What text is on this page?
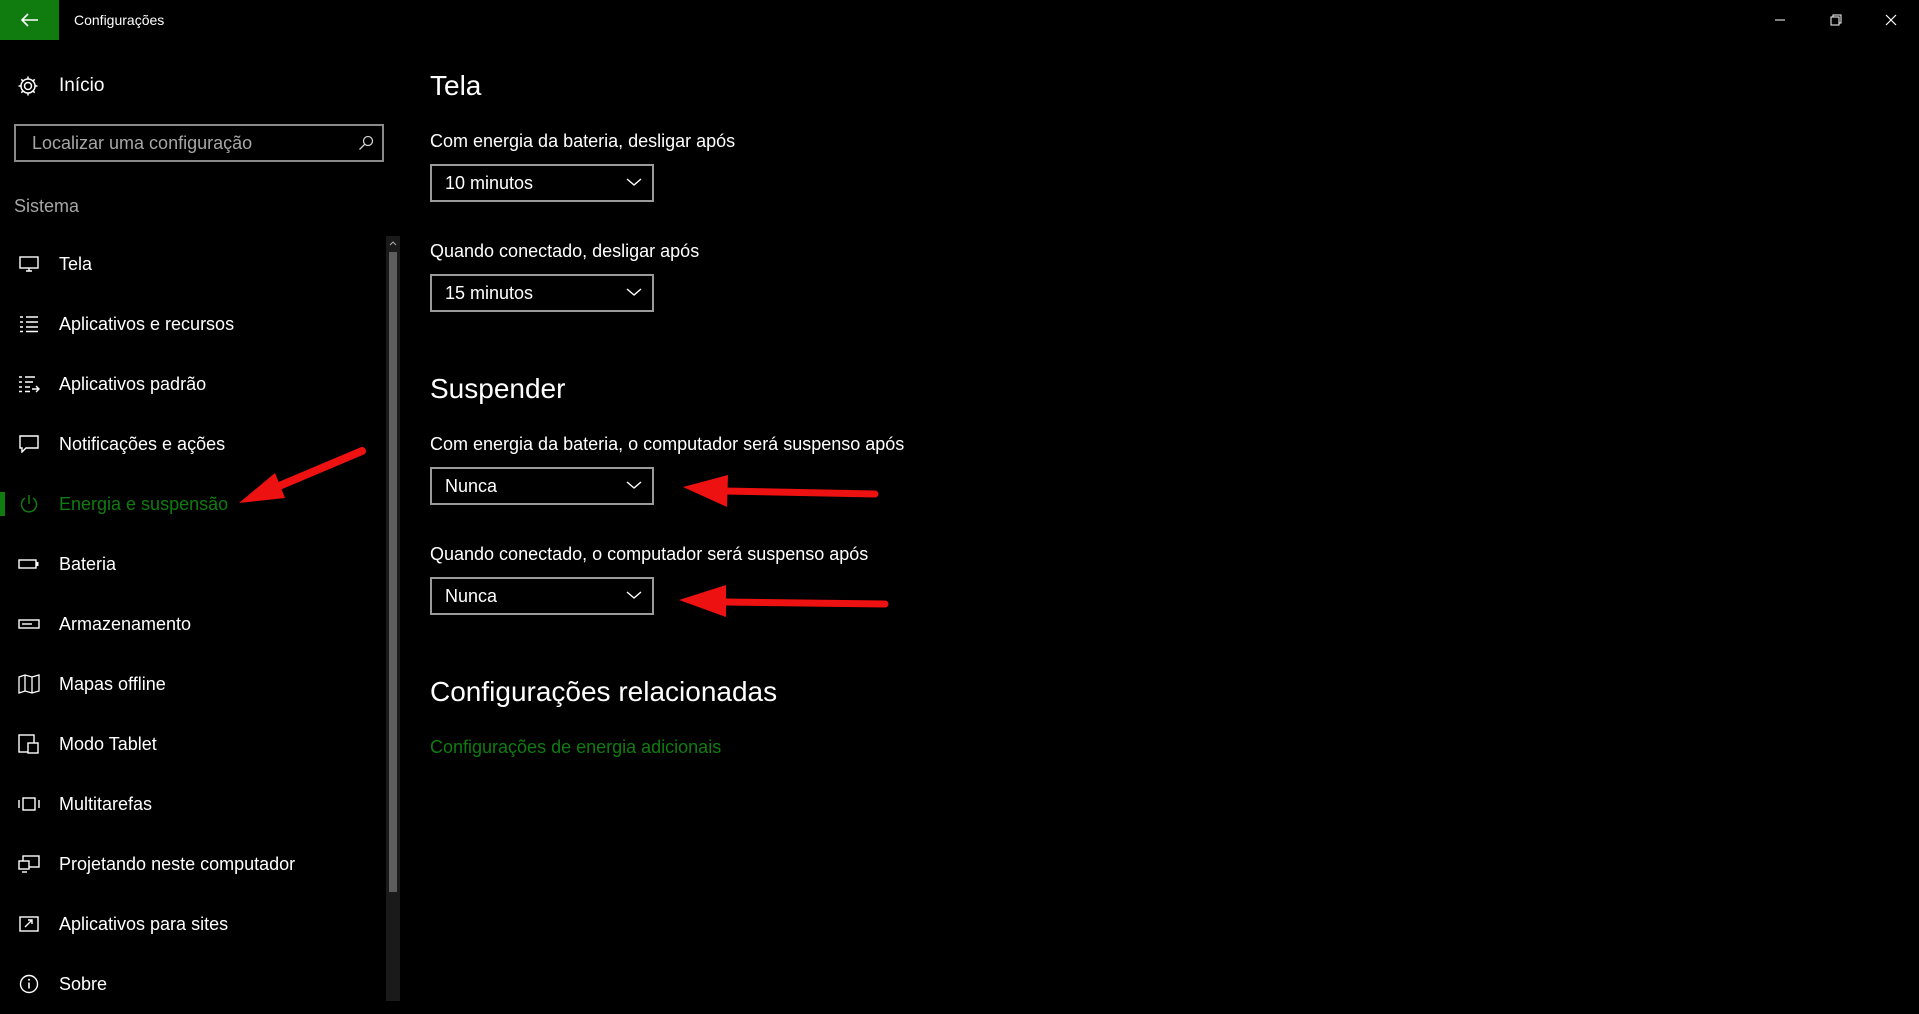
Configurações
Início
Localizar uma configuração
Sistema
Tela
Aplicativos e recursos
Aplicativos padrão
Notificações e ações
Energia e suspensão
Bateria
Armazenamento
Mapas offline
Modo Tablet
Multitarefas
Projetando neste computador
Aplicativos para sites
Sobre
Tela
Com energia da bateria, desligar após
10 minutos
Quando conectado, desligar após
15 minutos
Suspender
Com energia da bateria, o computador será suspenso após
Nunca
Quando conectado, o computador será suspenso após
Nunca
Configurações relacionadas
Configurações de energia adicionais
